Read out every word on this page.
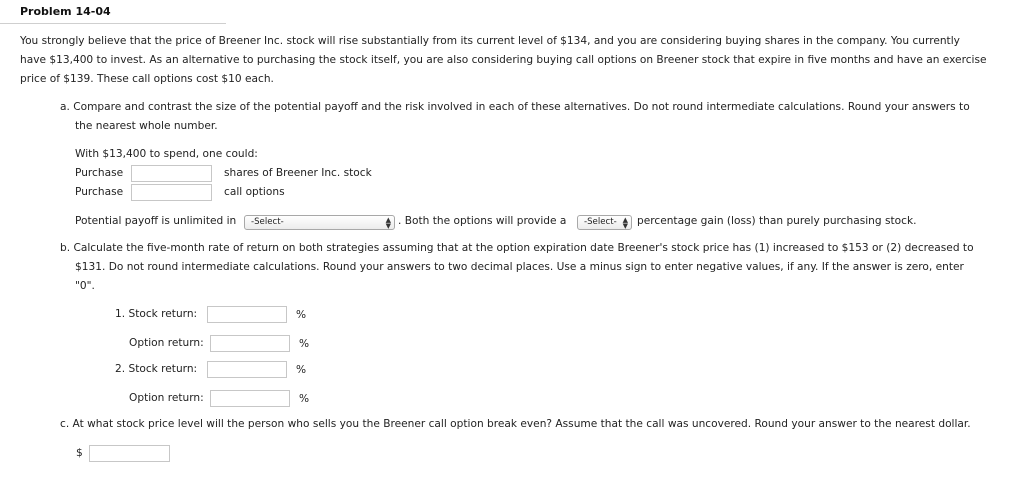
Problem 14-04
You strongly believe that the price of Breener Inc. stock will rise substantially from its current level of $134, and you are considering buying shares in the company. You currently
have $13,400 to invest. As an alternative to purchasing the stock itself, you are also considering buying call options on Breener stock that expire in five months and have an exercise
price of $139. These call options cost $10 each.
a. Compare and contrast the size of the potential payoff and the risk involved in each of these alternatives. Do not round intermediate calculations. Round your answers to
the nearest whole number.
With $13,400 to spend, one could:
Purchase	shares of Breener Inc. stock
Purchase	call options
Potential payoff is unlimited in	-Select-	▲
▼ . Both the options will provide a	-Select- ▲
▼ percentage gain (loss) than purely purchasing stock.
b. Calculate the five-month rate of return on both strategies assuming that at the option expiration date Breener's stock price has (1) increased to $153 or (2) decreased to
$131. Do not round intermediate calculations. Round your answers to two decimal places. Use a minus sign to enter negative values, if any. If the answer is zero, enter
"0".
1. Stock return:	%
Option return:	%
2. Stock return:	%
Option return:	%
c. At what stock price level will the person who sells you the Breener call option break even? Assume that the call was uncovered. Round your answer to the nearest dollar.
$
